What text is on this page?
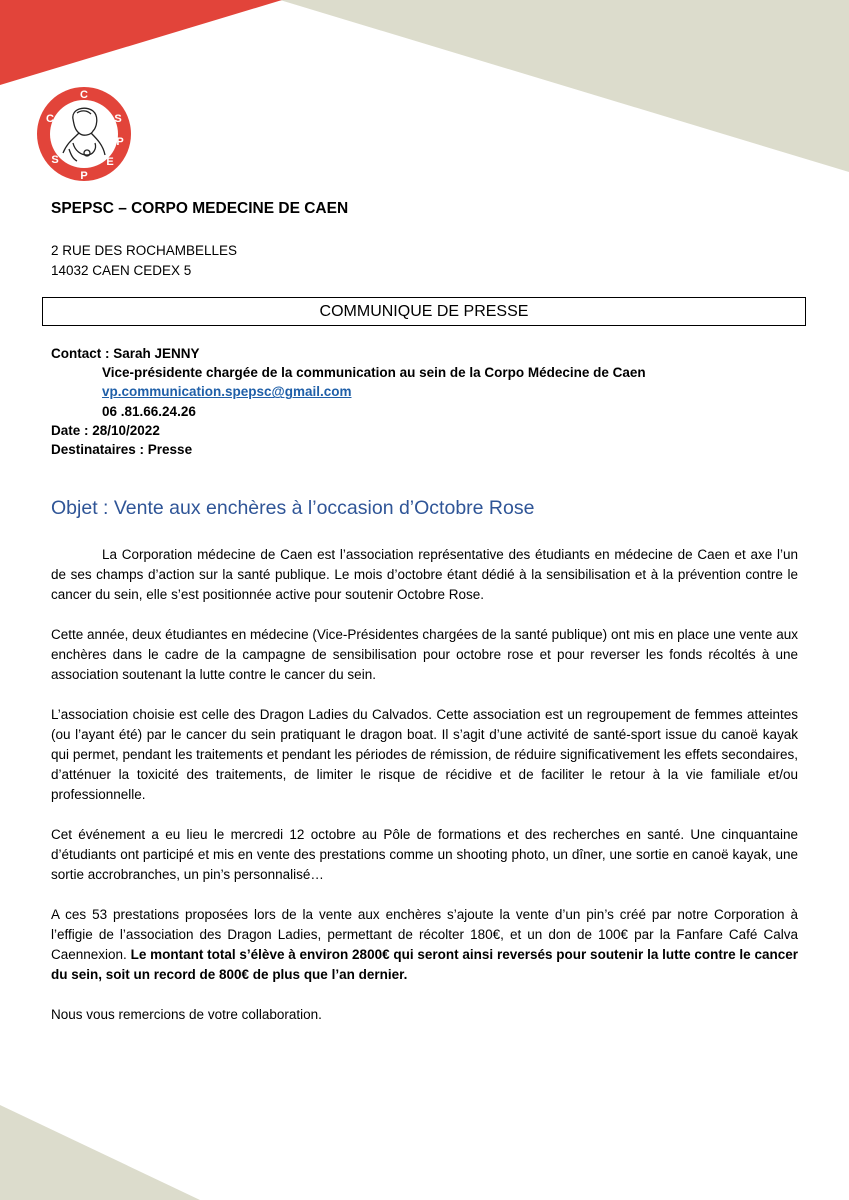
C
S
P
E
P
S
C
SPEPSC – CORPO MEDECINE DE CAEN
2 RUE DES ROCHAMBELLES
14032 CAEN CEDEX 5
COMMUNIQUE DE PRESSE
Contact : Sarah JENNY
Vice-présidente chargée de la communication au sein de la Corpo Médecine de Caen
vp.communication.spepsc@gmail.com
06 .81.66.24.26
Date : 28/10/2022
Destinataires : Presse
Objet : Vente aux enchères à l’occasion d’Octobre Rose

La Corporation médecine de Caen est l’association représentative des étudiants en médecine de Caen et axe l’un de ses champs d’action sur la santé publique. Le mois d’octobre étant dédié à la sensibilisation et à la prévention contre le cancer du sein, elle s’est positionnée active pour soutenir Octobre Rose.

Cette année, deux étudiantes en médecine (Vice-Présidentes chargées de la santé publique) ont mis en place une vente aux enchères dans le cadre de la campagne de sensibilisation pour octobre rose et pour reverser les fonds récoltés à une association soutenant la lutte contre le cancer du sein.

L’association choisie est celle des Dragon Ladies du Calvados. Cette association est un regroupement de femmes atteintes (ou l’ayant été) par le cancer du sein pratiquant le dragon boat. Il s’agit d’une activité de santé-sport issue du canoë kayak qui permet, pendant les traitements et pendant les périodes de rémission, de réduire significativement les effets secondaires, d’atténuer la toxicité des traitements, de limiter le risque de récidive et de faciliter le retour à la vie familiale et/ou professionnelle.

Cet événement a eu lieu le mercredi 12 octobre au Pôle de formations et des recherches en santé. Une cinquantaine d’étudiants ont participé et mis en vente des prestations comme un shooting photo, un dîner, une sortie en canoë kayak, une sortie accrobranches, un pin’s personnalisé…

A ces 53 prestations proposées lors de la vente aux enchères s’ajoute la vente d’un pin’s créé par notre Corporation à l’effigie de l’association des Dragon Ladies, permettant de récolter 180€, et un don de 100€ par la Fanfare Café Calva Caennexion. Le montant total s’élève à environ 2800€ qui seront ainsi reversés pour soutenir la lutte contre le cancer du sein, soit un record de 800€ de plus que l’an dernier.

Nous vous remercions de votre collaboration.
